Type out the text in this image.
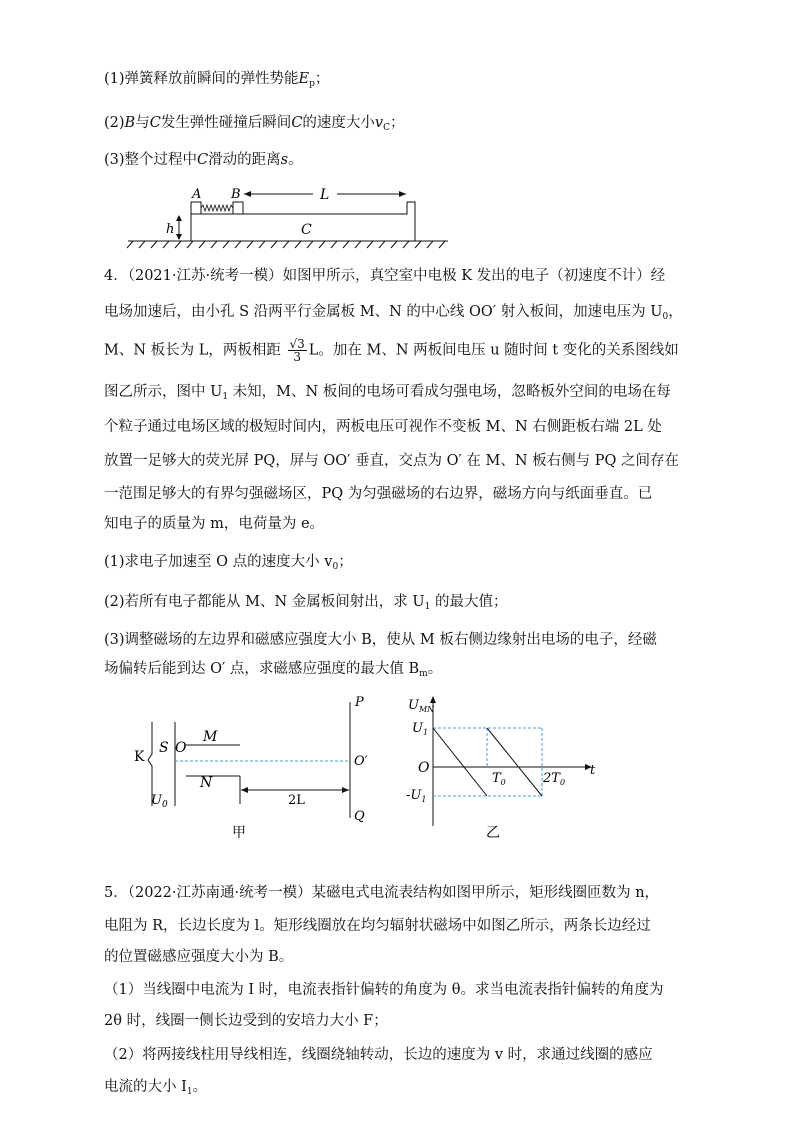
(1)弹簧释放前瞬间的弹性势能$E_p$；
(2)B与C发生弹性碰撞后瞬间C的速度大小$v_C$；
(3)整个过程中C滑动的距离s。
A B	L
h	C
4．（2021·江苏·统考一模）如图甲所示，真空室中电极 K 发出的电子（初速度不计）经
电场加速后，由小孔 S 沿两平行金属板 M、N 的中心线 OO′ 射入板间，加速电压为 $U_0$，
M、N 板长为 L，两板相距 $\frac{√3}{3}$ L。加在 M、N 两板间电压 u 随时间 t 变化的关系图线如
图乙所示，图中 $U_1$ 未知，M、N 板间的电场可看成匀强电场，忽略板外空间的电场在每
个粒子通过电场区域的极短时间内，两板电压可视作不变板 M、N 右侧距板右端 2L 处
放置一足够大的荧光屏 PQ，屏与 OO′ 垂直，交点为 O′ 在 M、N 板右侧与 PQ 之间存在
一范围足够大的有界匀强磁场区，PQ 为匀强磁场的右边界，磁场方向与纸面垂直。已
知电子的质量为 m，电荷量为 e。
(1)求电子加速至 O 点的速度大小 $v_0$；
(2)若所有电子都能从 M、N 金属板间射出，求 $U_1$ 的最大值；
(3)调整磁场的左边界和磁感应强度大小 B，使从 M 板右侧边缘射出电场的电子，经磁
场偏转后能到达 O′ 点，求磁感应强度的最大值 $B_m$。
K
S O
M
N
2L
P
O′
Q
$U_0$
甲
$U_{MN}$
t
O
$U_1$
$-U_1$
$T_0$	$2T_0$
乙
5．（2022·江苏南通·统考一模）某磁电式电流表结构如图甲所示，矩形线圈匝数为 n，
电阻为 R，长边长度为 l。矩形线圈放在均匀辐射状磁场中如图乙所示，两条长边经过
的位置磁感应强度大小为 B。
（1）当线圈中电流为 I 时，电流表指针偏转的角度为 θ。求当电流表指针偏转的角度为
2θ 时，线圈一侧长边受到的安培力大小 F；
（2）将两接线柱用导线相连，线圈绕轴转动，长边的速度为 v 时，求通过线圈的感应
电流的大小 $I_1$。
